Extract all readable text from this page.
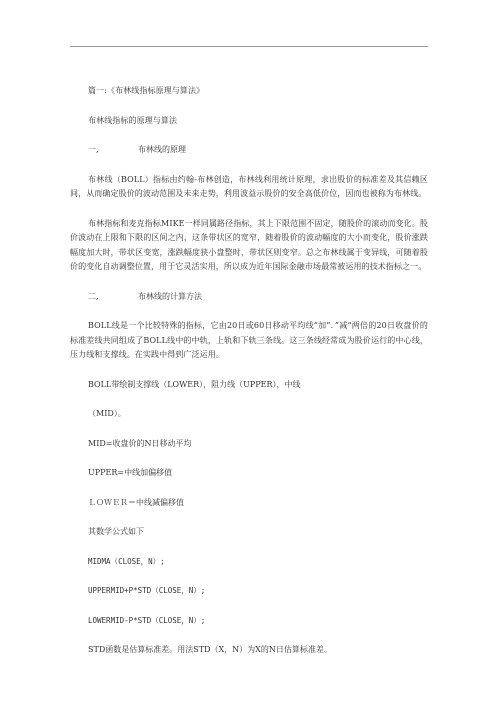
篇一:《布林线指标原理与算法》

布林线指标的原理与算法

一,	布林线的原理

布林线（BOLL）指标由约翰-布林创造，布林线利用统计原理，求出股价的标准差及其信赖区间，从而确定股价的波动范围及未来走势，利用波益示股价的安全高低价位，因而也被称为布林线。

布林指标和麦克指标MIKE一样同属路径指标，其上下限范围不固定，随股价的滚动而变化。股价波动在上限和下限的区间之内，这条带状区的宽窄，随着股价的波动幅度的大小而变化，股价涨跌幅度加大时，带状区变宽，涨跌幅度狭小盘整时，带状区则变窄。总之布林线属于变异线，可随着股价的变化自动调整位置，用于它灵活实用，所以成为近年国际金融市场最常被运用的技术指标之一。

二,	布林线的计算方法

BOLL线是一个比较特殊的指标，它由20日或60日移动平均线“加”．”减“两倍的20日收盘价的标准差线共同组成了BOLL线中的中轨，上轨和下轨三条线。这三条线经常成为股价运行的中心线，压力线和支撑线。在实践中得到广泛运用。

BOLL带绘制支撑线（LOWER），阻力线（UPPER），中线

（MID）。

MID=收盘价的N日移动平均

UPPER=中线加偏移值

ＬＯＷＥＲ＝中线减偏移值

其数学公式如下

MIDMA（CLOSE，N）;

UPPERMID+P*STD（CLOSE，N）;

LOWERMID-P*STD（CLOSE，N）;

STD函数是估算标准差。用法STD（X，N）为X的N日估算标准差。
